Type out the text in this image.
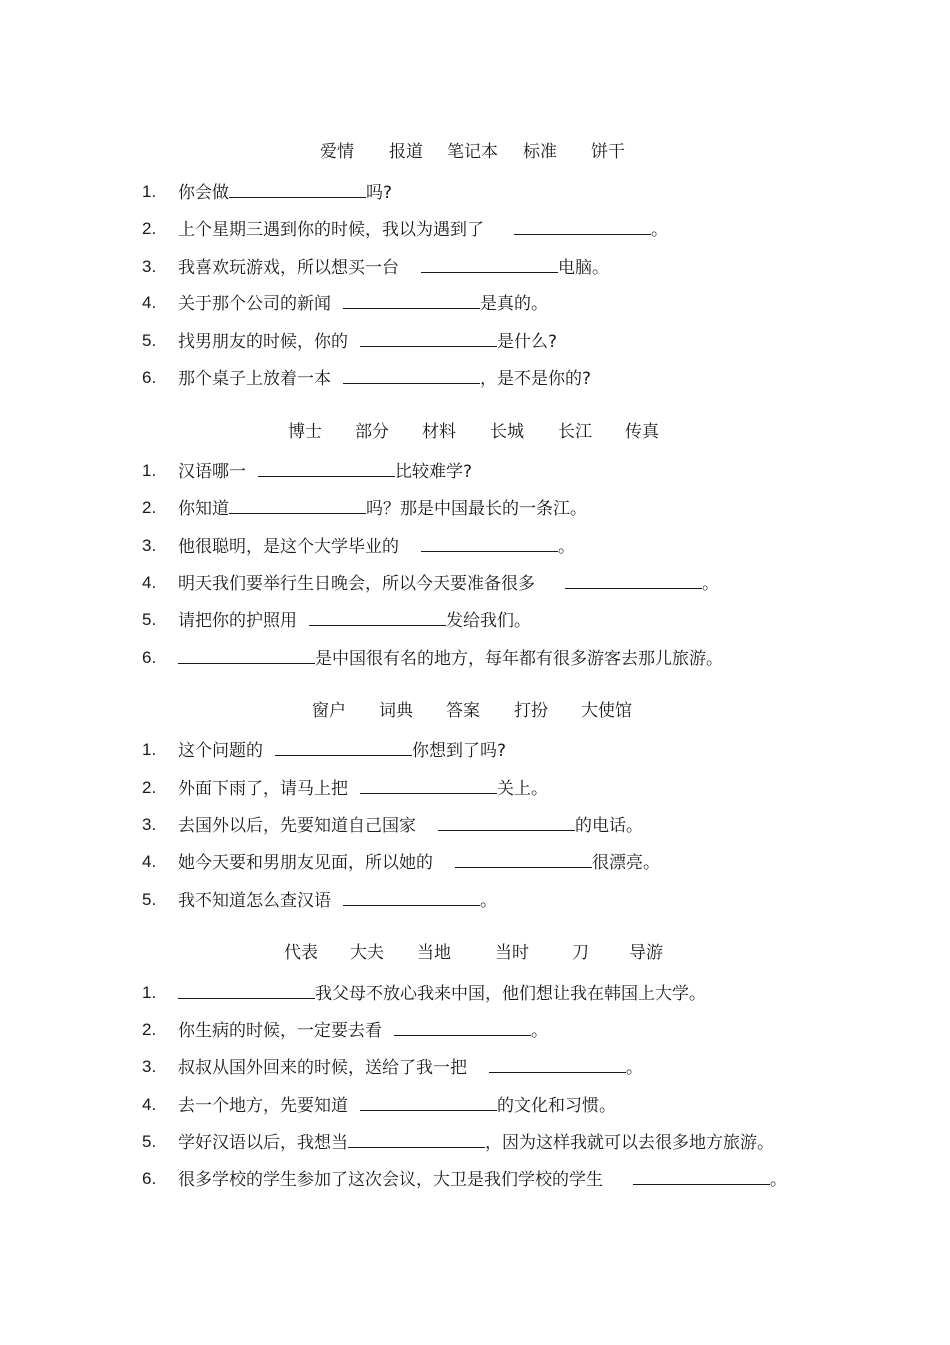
爱情 报道 笔记本 标准 饼干
1. 你会做	吗?
2. 上个星期三遇到你的时候，我以为遇到了	。
3. 我喜欢玩游戏，所以想买一台	电脑。
4. 关于那个公司的新闻	是真的。
5. 找男朋友的时候，你的	是什么?
6. 那个桌子上放着一本	，是不是你的?
博士 部分 材料 长城 长江 传真
1. 汉语哪一	比较难学?
2. 你知道	吗？那是中国最长的一条江。
3. 他很聪明，是这个大学毕业的	。
4. 明天我们要举行生日晚会，所以今天要准备很多	。
5. 请把你的护照用	发给我们。
6.	是中国很有名的地方，每年都有很多游客去那儿旅游。
窗户 词典 答案 打扮 大使馆
1. 这个问题的	你想到了吗?
2. 外面下雨了，请马上把	关上。
3. 去国外以后，先要知道自己国家	的电话。
4. 她今天要和男朋友见面，所以她的	很漂亮。
5. 我不知道怎么查汉语	。
代表 大夫 当地	当时	刀 导游
1.	我父母不放心我来中国，他们想让我在韩国上大学。
2. 你生病的时候，一定要去看	。
3. 叔叔从国外回来的时候，送给了我一把	。
4. 去一个地方，先要知道	的文化和习惯。
5. 学好汉语以后，我想当	，因为这样我就可以去很多地方旅游。
6. 很多学校的学生参加了这次会议，大卫是我们学校的学生	。
